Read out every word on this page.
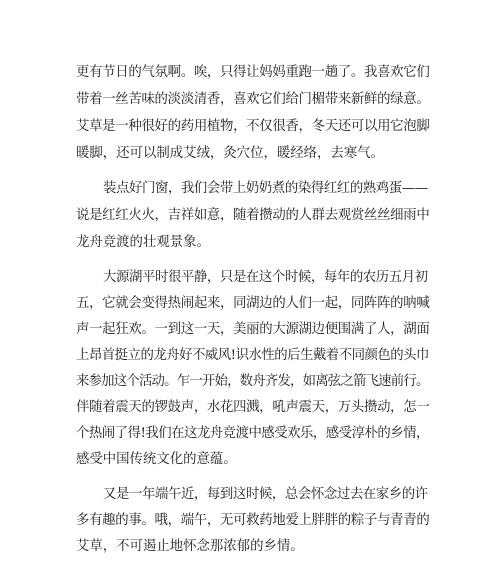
更有节日的气氛啊。唉，只得让妈妈重跑一趟了。我喜欢它们
带着一丝苦味的淡淡清香，喜欢它们给门楣带来新鲜的绿意。
艾草是一种很好的药用植物，不仅很香，冬天还可以用它泡脚
暖脚，还可以制成艾绒，灸穴位，暖经络，去寒气。
装点好门窗，我们会带上奶奶煮的染得红红的熟鸡蛋——
说是红红火火，吉祥如意，随着攒动的人群去观赏丝丝细雨中
龙舟竞渡的壮观景象。
大源湖平时很平静，只是在这个时候，每年的农历五月初
五，它就会变得热闹起来，同湖边的人们一起，同阵阵的呐喊
声一起狂欢。一到这一天，美丽的大源湖边便围满了人，湖面
上昂首挺立的龙舟好不威风!识水性的后生戴着不同颜色的头巾
来参加这个活动。乍一开始，数舟齐发，如离弦之箭飞速前行。
伴随着震天的锣鼓声，水花四溅，吼声震天，万头攒动，怎一
个热闹了得!我们在这龙舟竞渡中感受欢乐，感受淳朴的乡情，
感受中国传统文化的意蕴。
又是一年端午近，每到这时候，总会怀念过去在家乡的许
多有趣的事。哦，端午，无可救药地爱上胖胖的粽子与青青的
艾草，不可遏止地怀念那浓郁的乡情。
